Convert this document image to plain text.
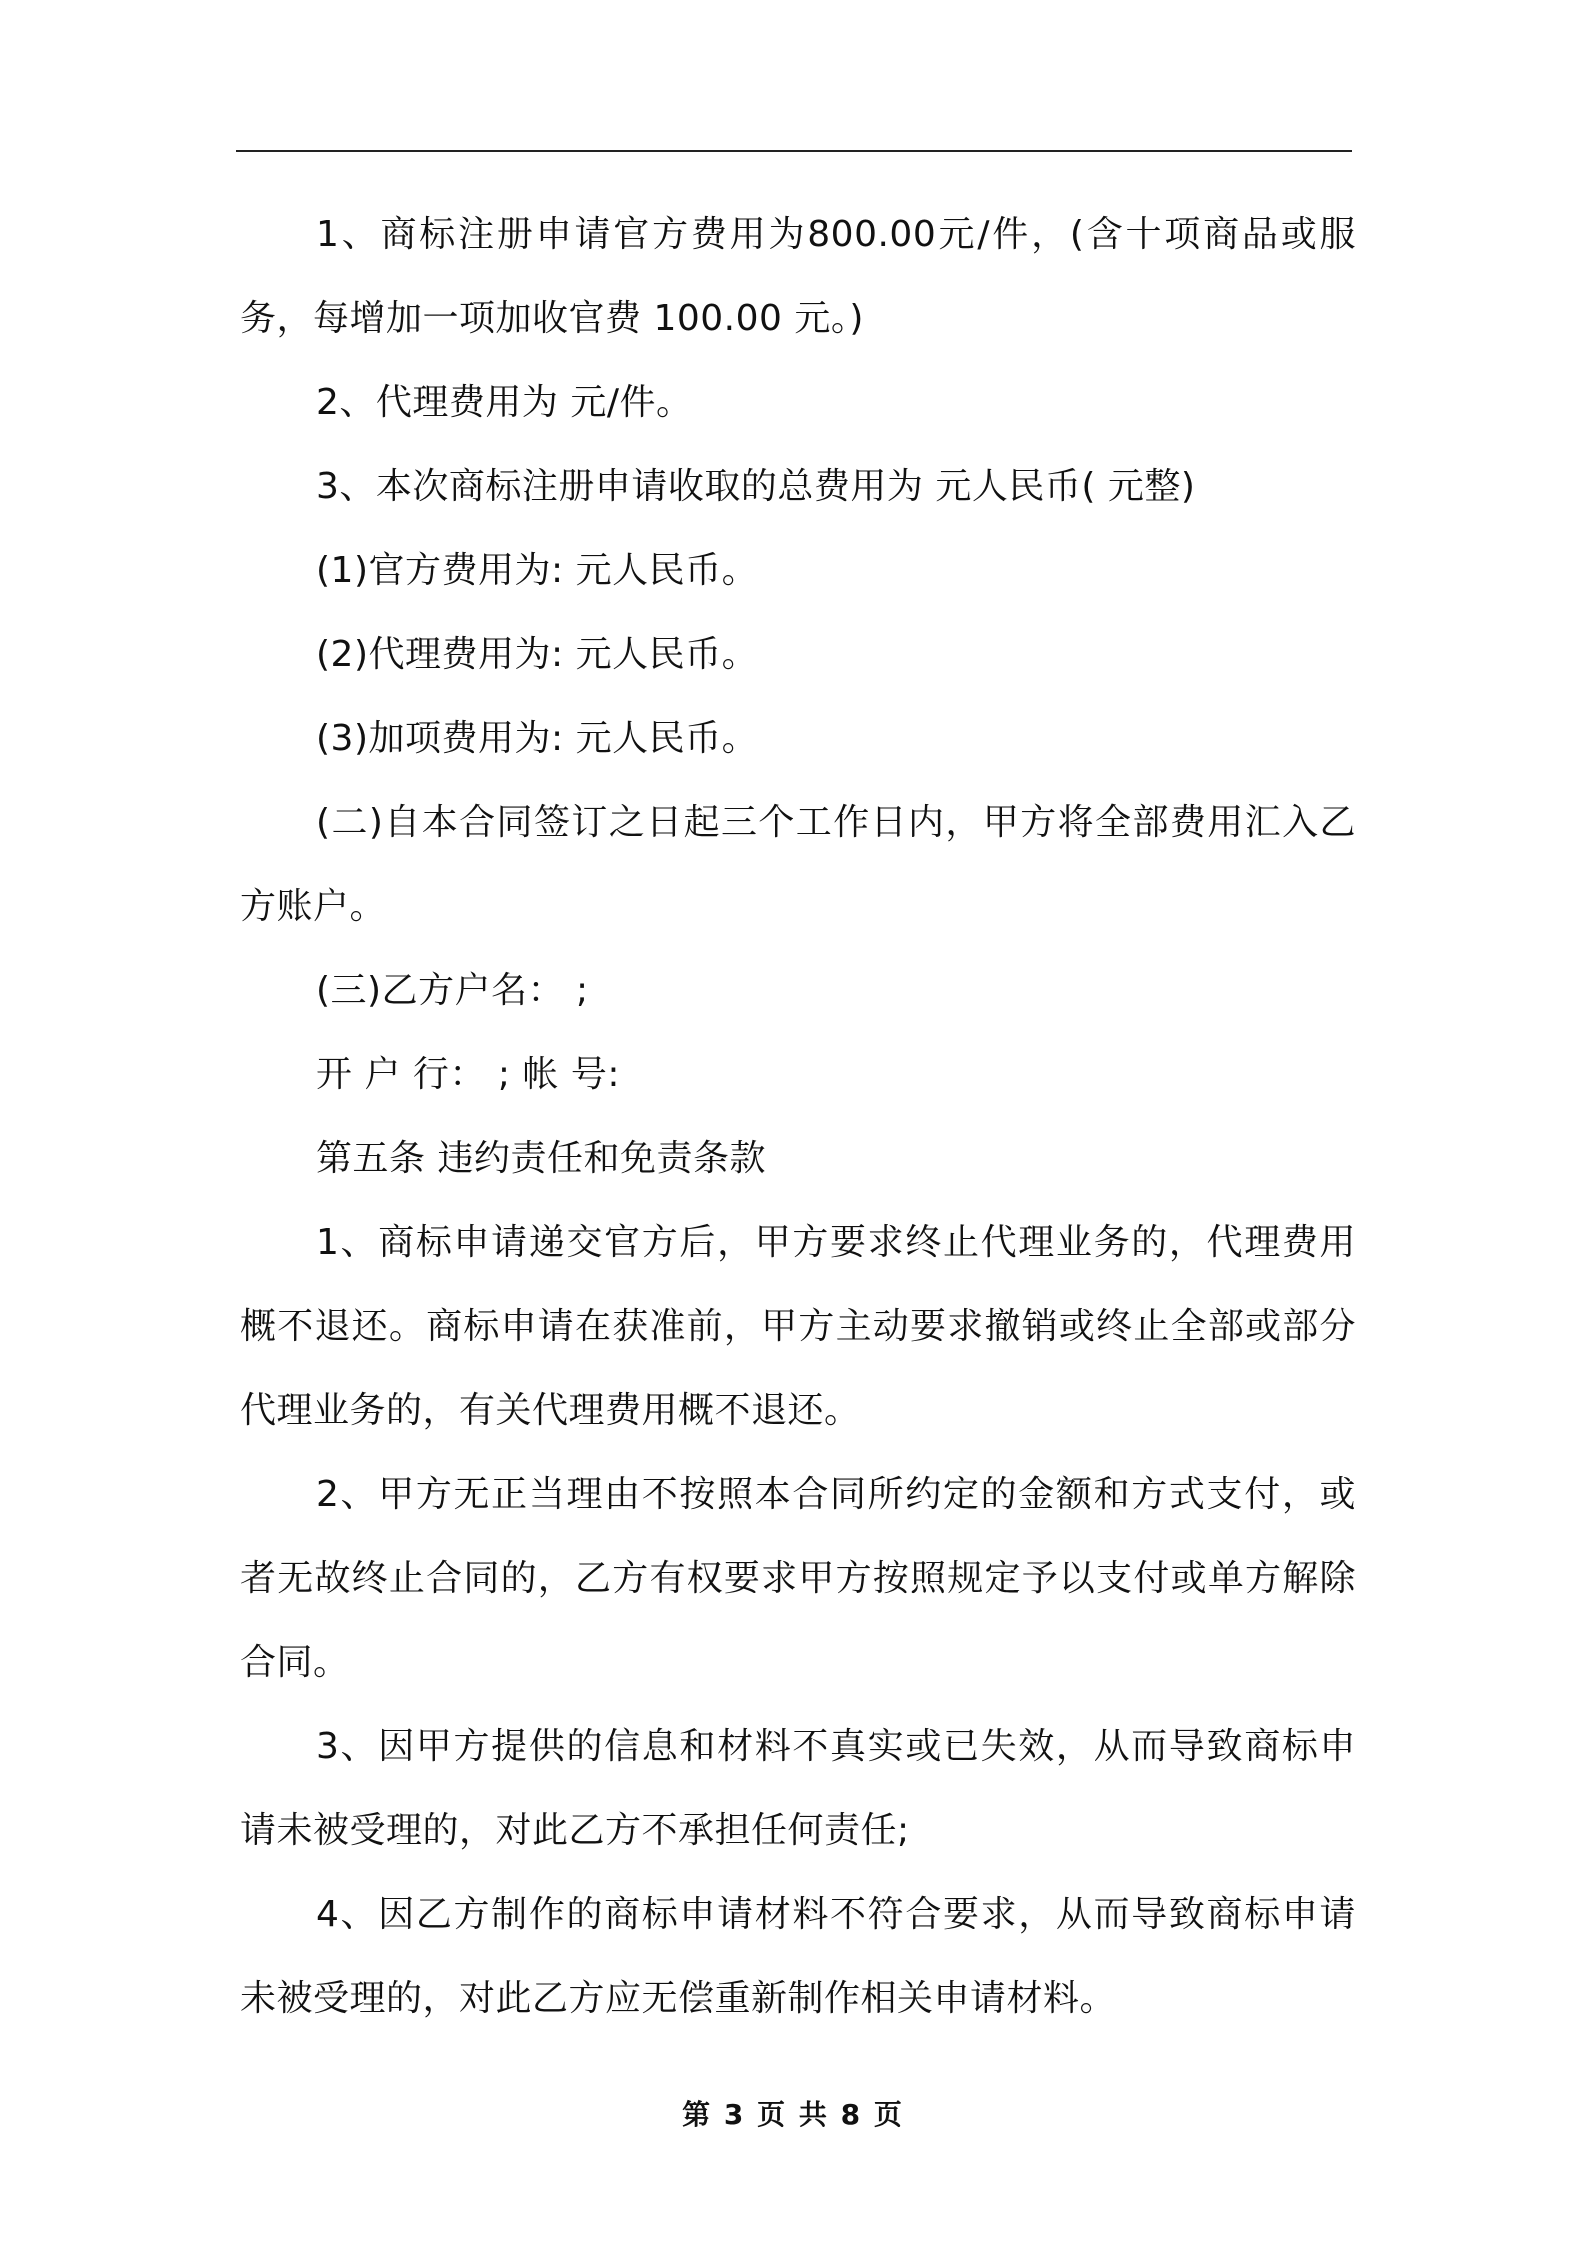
1、商标注册申请官方费用为800.00元/件，(含十项商品或服务，每增加一项加收官费 100.00 元。)

2、代理费用为 元/件。

3、本次商标注册申请收取的总费用为 元人民币( 元整)

(1)官方费用为: 元人民币。

(2)代理费用为: 元人民币。

(3)加项费用为: 元人民币。

(二)自本合同签订之日起三个工作日内，甲方将全部费用汇入乙方账户。

(三)乙方户名： ;

开 户 行： ; 帐 号:

第五条 违约责任和免责条款

1、商标申请递交官方后，甲方要求终止代理业务的，代理费用概不退还。商标申请在获准前，甲方主动要求撤销或终止全部或部分代理业务的，有关代理费用概不退还。

2、甲方无正当理由不按照本合同所约定的金额和方式支付，或者无故终止合同的，乙方有权要求甲方按照规定予以支付或单方解除合同。

3、因甲方提供的信息和材料不真实或已失效，从而导致商标申请未被受理的，对此乙方不承担任何责任;

4、因乙方制作的商标申请材料不符合要求，从而导致商标申请未被受理的，对此乙方应无偿重新制作相关申请材料。

第 3 页 共 8 页
